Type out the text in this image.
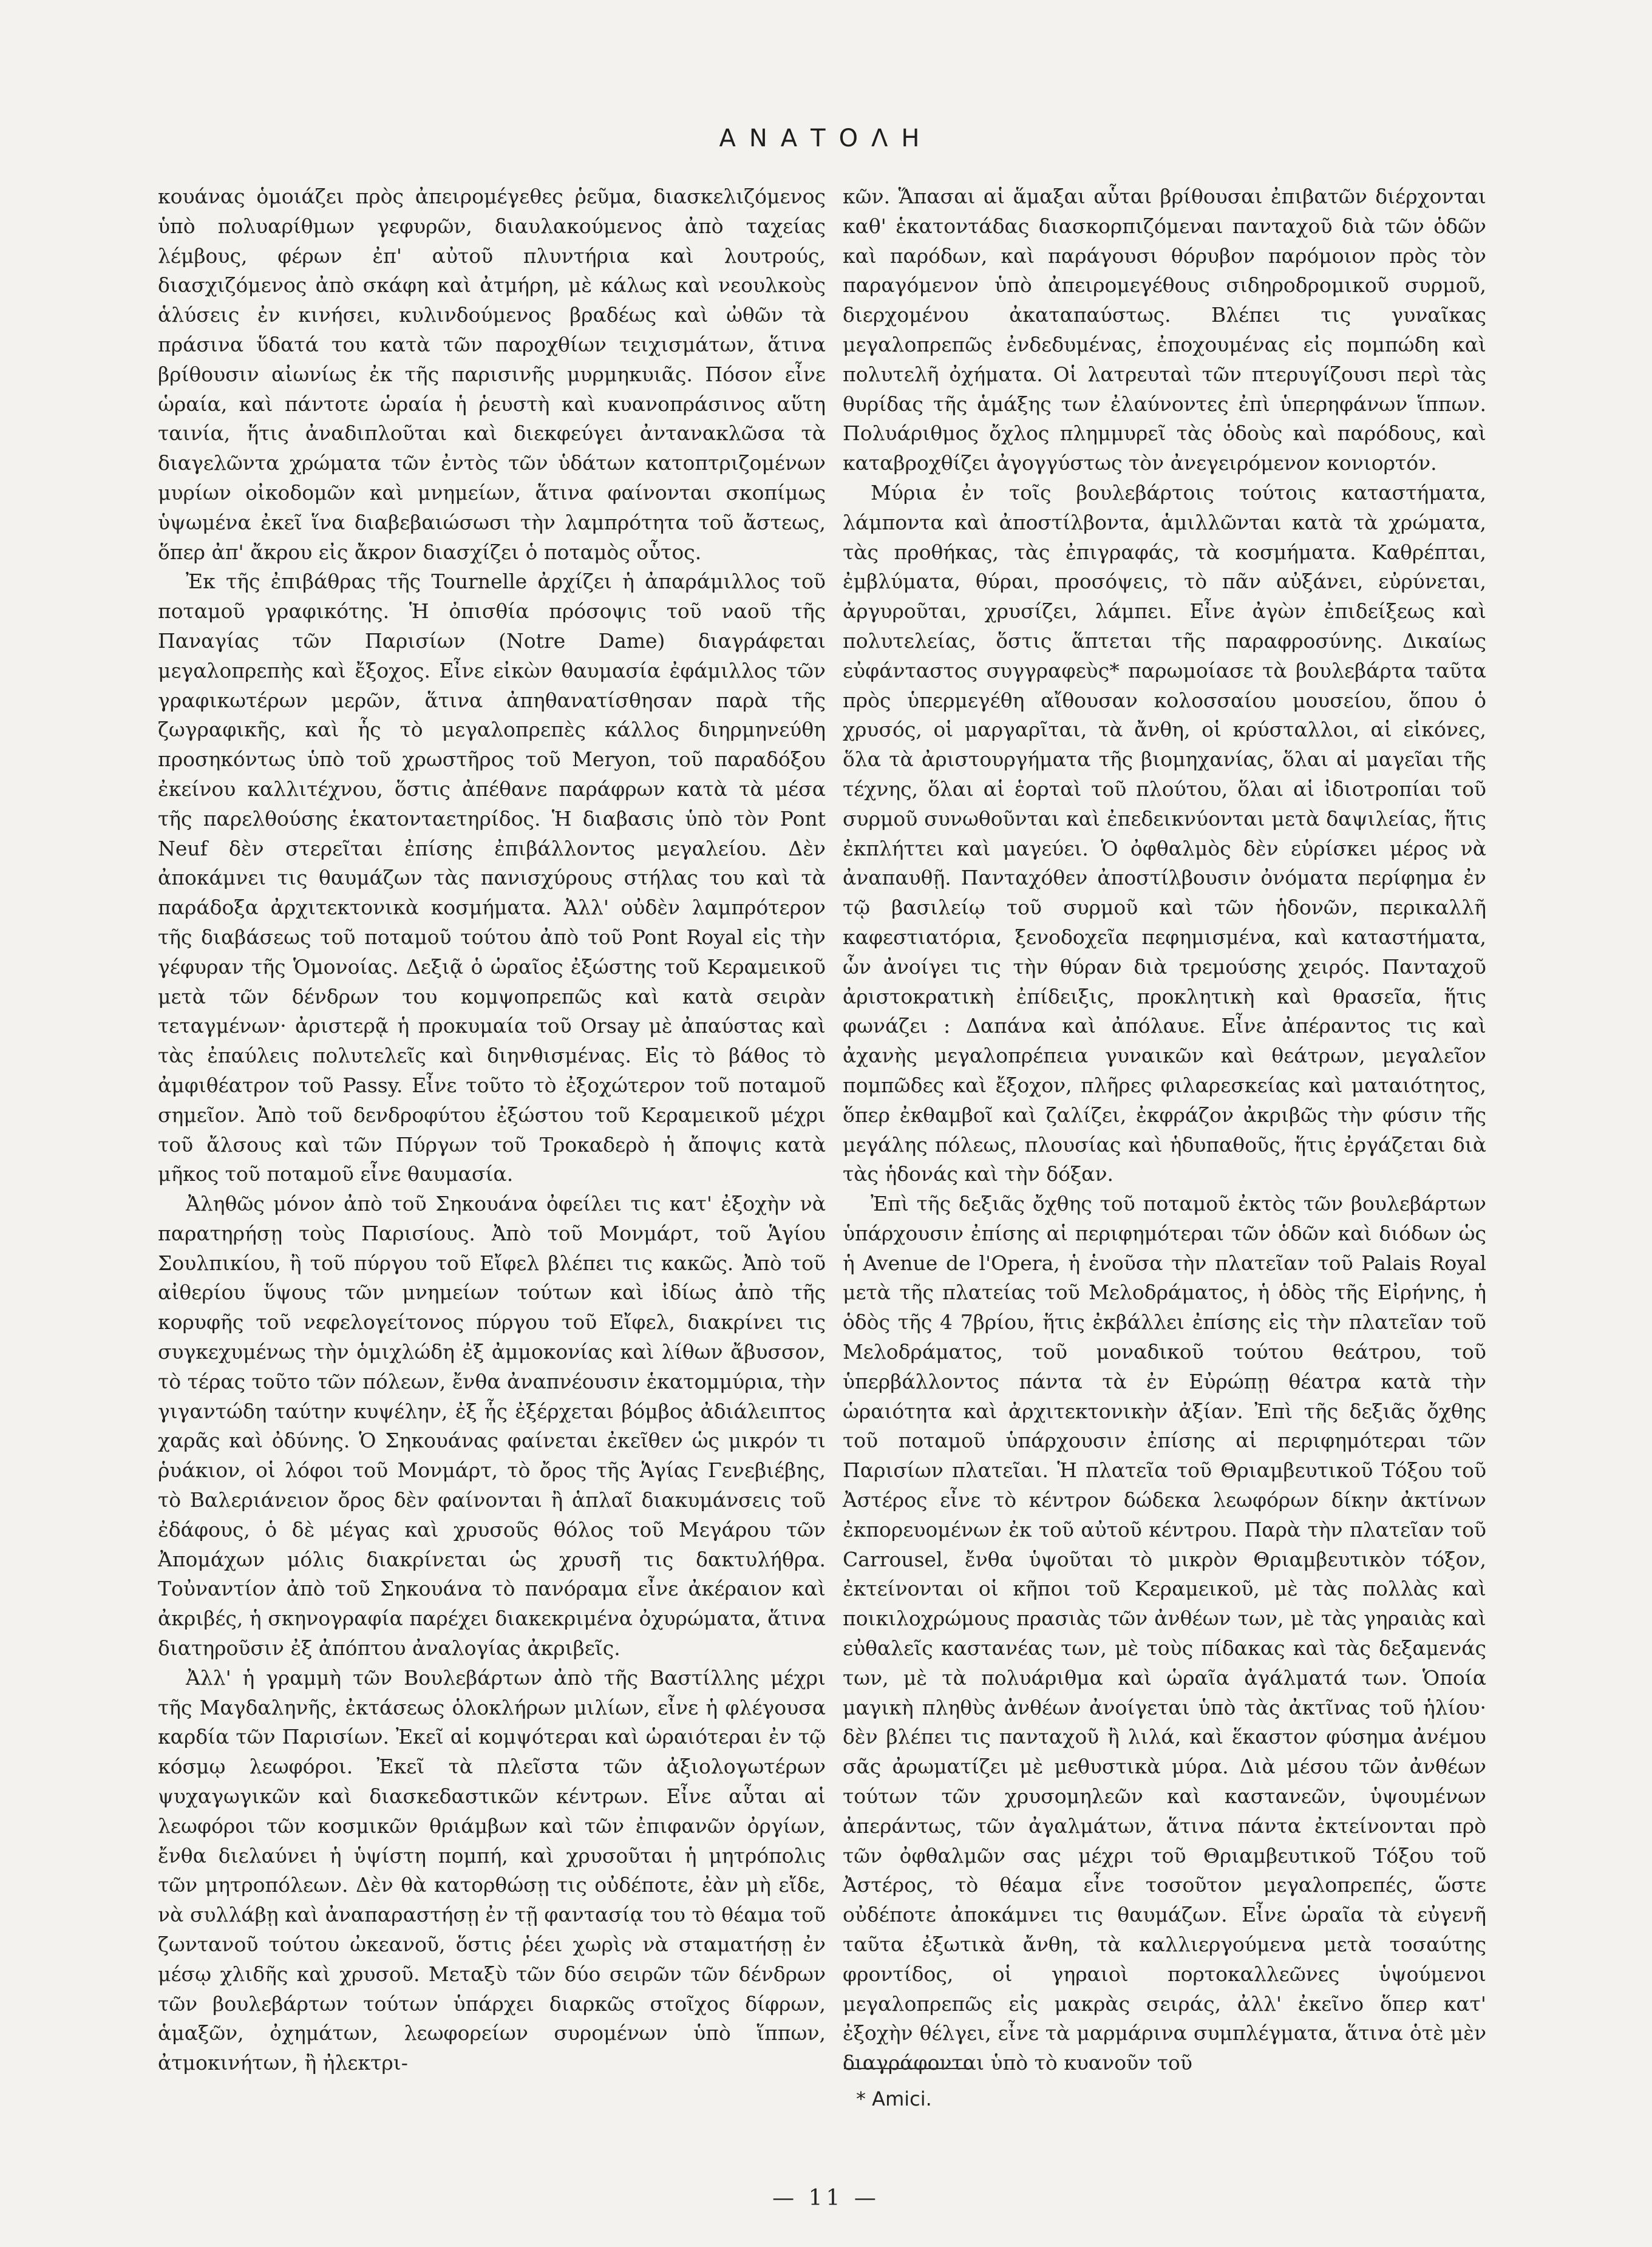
ΑΝΑΤΟΛΗ

κουάνας ὁμοιάζει πρὸς ἀπειρομέγεθες ῥεῦμα, διασκελιζόμενος ὑπὸ πολυαρίθμων γεφυρῶν, διαυλακούμενος ἀπὸ ταχείας λέμβους, φέρων ἐπ' αὐτοῦ πλυντήρια καὶ λουτρούς, διασχιζόμενος ἀπὸ σκάφη καὶ ἀτμήρη, μὲ κάλως καὶ νεουλκοὺς ἁλύσεις ἐν κινήσει, κυλινδούμενος βραδέως καὶ ὠθῶν τὰ πράσινα ὕδατά του κατὰ τῶν παροχθίων τειχισμάτων, ἅτινα βρίθουσιν αἰωνίως ἐκ τῆς παρισινῆς μυρμηκυιᾶς. Πόσον εἶνε ὡραία, καὶ πάντοτε ὡραία ἡ ῥευστὴ καὶ κυανοπράσινος αὕτη ταινία, ἥτις ἀναδιπλοῦται καὶ διεκφεύγει ἀντανακλῶσα τὰ διαγελῶντα χρώματα τῶν ἐντὸς τῶν ὑδάτων κατοπτριζομένων μυρίων οἰκοδομῶν καὶ μνημείων, ἅτινα φαίνονται σκοπίμως ὑψωμένα ἐκεῖ ἵνα διαβεβαιώσωσι τὴν λαμπρότητα τοῦ ἄστεως, ὅπερ ἀπ' ἄκρου εἰς ἄκρον διασχίζει ὁ ποταμὸς οὗτος.

Ἐκ τῆς ἐπιβάθρας τῆς Tournelle ἀρχίζει ἡ ἀπαράμιλλος τοῦ ποταμοῦ γραφικότης. Ἡ ὀπισθία πρόσοψις τοῦ ναοῦ τῆς Παναγίας τῶν Παρισίων (Notre Dame) διαγράφεται μεγαλοπρεπὴς καὶ ἔξοχος. Εἶνε εἰκὼν θαυμασία ἐφάμιλλος τῶν γραφικωτέρων μερῶν, ἅτινα ἀπηθανατίσθησαν παρὰ τῆς ζωγραφικῆς, καὶ ἧς τὸ μεγαλοπρεπὲς κάλλος διηρμηνεύθη προσηκόντως ὑπὸ τοῦ χρωστῆρος τοῦ Meryon, τοῦ παραδόξου ἐκείνου καλλιτέχνου, ὅστις ἀπέθανε παράφρων κατὰ τὰ μέσα τῆς παρελθούσης ἑκατονταετηρίδος. Ἡ διαβασις ὑπὸ τὸν Pont Neuf δὲν στερεῖται ἐπίσης ἐπιβάλλοντος μεγαλείου. Δὲν ἀποκάμνει τις θαυμάζων τὰς πανισχύρους στήλας του καὶ τὰ παράδοξα ἀρχιτεκτονικὰ κοσμήματα. Ἀλλ' οὐδὲν λαμπρότερον τῆς διαβάσεως τοῦ ποταμοῦ τούτου ἀπὸ τοῦ Pont Royal εἰς τὴν γέφυραν τῆς Ὁμονοίας. Δεξιᾷ ὁ ὡραῖος ἐξώστης τοῦ Κεραμεικοῦ μετὰ τῶν δένδρων του κομψοπρεπῶς καὶ κατὰ σειρὰν τεταγμένων· ἀριστερᾷ ἡ προκυμαία τοῦ Orsay μὲ ἀπαύστας καὶ τὰς ἐπαύλεις πολυτελεῖς καὶ διηνθισμένας. Εἰς τὸ βάθος τὸ ἀμφιθέατρον τοῦ Passy. Εἶνε τοῦτο τὸ ἐξοχώτερον τοῦ ποταμοῦ σημεῖον. Ἀπὸ τοῦ δενδροφύτου ἐξώστου τοῦ Κεραμεικοῦ μέχρι τοῦ ἄλσους καὶ τῶν Πύργων τοῦ Τροκαδερὸ ἡ ἄποψις κατὰ μῆκος τοῦ ποταμοῦ εἶνε θαυμασία.

Ἀληθῶς μόνον ἀπὸ τοῦ Σηκουάνα ὀφείλει τις κατ' ἐξοχὴν νὰ παρατηρήσῃ τοὺς Παρισίους. Ἀπὸ τοῦ Μονμάρτ, τοῦ Ἁγίου Σουλπικίου, ἢ τοῦ πύργου τοῦ Εἴφελ βλέπει τις κακῶς. Ἀπὸ τοῦ αἰθερίου ὕψους τῶν μνημείων τούτων καὶ ἰδίως ἀπὸ τῆς κορυφῆς τοῦ νεφελογείτονος πύργου τοῦ Εἴφελ, διακρίνει τις συγκεχυμένως τὴν ὁμιχλώδη ἐξ ἀμμοκονίας καὶ λίθων ἄβυσσον, τὸ τέρας τοῦτο τῶν πόλεων, ἔνθα ἀναπνέουσιν ἑκατομμύρια, τὴν γιγαντώδη ταύτην κυψέλην, ἐξ ἧς ἐξέρχεται βόμβος ἀδιάλειπτος χαρᾶς καὶ ὀδύνης. Ὁ Σηκουάνας φαίνεται ἐκεῖθεν ὡς μικρόν τι ῥυάκιον, οἱ λόφοι τοῦ Μονμάρτ, τὸ ὄρος τῆς Ἁγίας Γενεβιέβης, τὸ Βαλεριάνειον ὄρος δὲν φαίνονται ἢ ἁπλαῖ διακυμάνσεις τοῦ ἐδάφους, ὁ δὲ μέγας καὶ χρυσοῦς θόλος τοῦ Μεγάρου τῶν Ἀπομάχων μόλις διακρίνεται ὡς χρυσῆ τις δακτυλήθρα. Τοὐναντίον ἀπὸ τοῦ Σηκουάνα τὸ πανόραμα εἶνε ἀκέραιον καὶ ἀκριβές, ἡ σκηνογραφία παρέχει διακεκριμένα ὀχυρώματα, ἅτινα διατηροῦσιν ἐξ ἀπόπτου ἀναλογίας ἀκριβεῖς.

Ἀλλ' ἡ γραμμὴ τῶν Βουλεβάρτων ἀπὸ τῆς Βαστίλλης μέχρι τῆς Μαγδαληνῆς, ἐκτάσεως ὁλοκλήρων μιλίων, εἶνε ἡ φλέγουσα καρδία τῶν Παρισίων. Ἐκεῖ αἱ κομψότεραι καὶ ὡραιότεραι ἐν τῷ κόσμῳ λεωφόροι. Ἐκεῖ τὰ πλεῖστα τῶν ἀξιολογωτέρων ψυχαγωγικῶν καὶ διασκεδαστικῶν κέντρων. Εἶνε αὗται αἱ λεωφόροι τῶν κοσμικῶν θριάμβων καὶ τῶν ἐπιφανῶν ὀργίων, ἔνθα διελαύνει ἡ ὑψίστη πομπή, καὶ χρυσοῦται ἡ μητρόπολις τῶν μητροπόλεων. Δὲν θὰ κατορθώσῃ τις οὐδέποτε, ἐὰν μὴ εἴδε, νὰ συλλάβῃ καὶ ἀναπαραστήσῃ ἐν τῇ φαντασίᾳ του τὸ θέαμα τοῦ ζωντανοῦ τούτου ὠκεανοῦ, ὅστις ῥέει χωρὶς νὰ σταματήσῃ ἐν μέσῳ χλιδῆς καὶ χρυσοῦ. Μεταξὺ τῶν δύο σειρῶν τῶν δένδρων τῶν βουλεβάρτων τούτων ὑπάρχει διαρκῶς στοῖχος δίφρων, ἁμαξῶν, ὀχημάτων, λεωφορείων συρομένων ὑπὸ ἵππων, ἀτμοκινήτων, ἢ ἠλεκτρι-

κῶν. Ἅπασαι αἱ ἅμαξαι αὗται βρίθουσαι ἐπιβατῶν διέρχονται καθ' ἑκατοντάδας διασκορπιζόμεναι πανταχοῦ διὰ τῶν ὁδῶν καὶ παρόδων, καὶ παράγουσι θόρυβον παρόμοιον πρὸς τὸν παραγόμενον ὑπὸ ἀπειρομεγέθους σιδηροδρομικοῦ συρμοῦ, διερχομένου ἀκαταπαύστως. Βλέπει τις γυναῖκας μεγαλοπρεπῶς ἐνδεδυμένας, ἐποχουμένας εἰς πομπώδη καὶ πολυτελῆ ὀχήματα. Οἱ λατρευταὶ τῶν πτερυγίζουσι περὶ τὰς θυρίδας τῆς ἁμάξης των ἐλαύνοντες ἐπὶ ὑπερηφάνων ἵππων. Πολυάριθμος ὄχλος πλημμυρεῖ τὰς ὁδοὺς καὶ παρόδους, καὶ καταβροχθίζει ἀγογγύστως τὸν ἀνεγειρόμενον κονιορτόν.

Μύρια ἐν τοῖς βουλεβάρτοις τούτοις καταστήματα, λάμποντα καὶ ἀποστίλβοντα, ἁμιλλῶνται κατὰ τὰ χρώματα, τὰς προθήκας, τὰς ἐπιγραφάς, τὰ κοσμήματα. Καθρέπται, ἐμβλύματα, θύραι, προσόψεις, τὸ πᾶν αὐξάνει, εὐρύνεται, ἀργυροῦται, χρυσίζει, λάμπει. Εἶνε ἀγὼν ἐπιδείξεως καὶ πολυτελείας, ὅστις ἅπτεται τῆς παραφροσύνης. Δικαίως εὐφάνταστος συγγραφεὺς* παρωμοίασε τὰ βουλεβάρτα ταῦτα πρὸς ὑπερμεγέθη αἴθουσαν κολοσσαίου μουσείου, ὅπου ὁ χρυσός, οἱ μαργαρῖται, τὰ ἄνθη, οἱ κρύσταλλοι, αἱ εἰκόνες, ὅλα τὰ ἀριστουργήματα τῆς βιομηχανίας, ὅλαι αἱ μαγεῖαι τῆς τέχνης, ὅλαι αἱ ἑορταὶ τοῦ πλούτου, ὅλαι αἱ ἰδιοτροπίαι τοῦ συρμοῦ συνωθοῦνται καὶ ἐπεδεικνύονται μετὰ δαψιλείας, ἥτις ἐκπλήττει καὶ μαγεύει. Ὁ ὀφθαλμὸς δὲν εὑρίσκει μέρος νὰ ἀναπαυθῇ. Πανταχόθεν ἀποστίλβουσιν ὀνόματα περίφημα ἐν τῷ βασιλείῳ τοῦ συρμοῦ καὶ τῶν ἡδονῶν, περικαλλῆ καφεστιατόρια, ξενοδοχεῖα πεφημισμένα, καὶ καταστήματα, ὧν ἀνοίγει τις τὴν θύραν διὰ τρεμούσης χειρός. Πανταχοῦ ἀριστοκρατικὴ ἐπίδειξις, προκλητικὴ καὶ θρασεῖα, ἥτις φωνάζει : Δαπάνα καὶ ἀπόλαυε. Εἶνε ἀπέραντος τις καὶ ἀχανὴς μεγαλοπρέπεια γυναικῶν καὶ θεάτρων, μεγαλεῖον πομπῶδες καὶ ἔξοχον, πλῆρες φιλαρεσκείας καὶ ματαιότητος, ὅπερ ἐκθαμβοῖ καὶ ζαλίζει, ἐκφράζον ἀκριβῶς τὴν φύσιν τῆς μεγάλης πόλεως, πλουσίας καὶ ἡδυπαθοῦς, ἥτις ἐργάζεται διὰ τὰς ἡδονάς καὶ τὴν δόξαν.

Ἐπὶ τῆς δεξιᾶς ὄχθης τοῦ ποταμοῦ ἐκτὸς τῶν βουλεβάρτων ὑπάρχουσιν ἐπίσης αἱ περιφημότεραι τῶν ὁδῶν καὶ διόδων ὡς ἡ Avenue de l'Opera, ἡ ἑνοῦσα τὴν πλατεῖαν τοῦ Palais Royal μετὰ τῆς πλατείας τοῦ Μελοδράματος, ἡ ὁδὸς τῆς Εἰρήνης, ἡ ὁδὸς τῆς 4 7βρίου, ἥτις ἐκβάλλει ἐπίσης εἰς τὴν πλατεῖαν τοῦ Μελοδράματος, τοῦ μοναδικοῦ τούτου θεάτρου, τοῦ ὑπερβάλλοντος πάντα τὰ ἐν Εὐρώπῃ θέατρα κατὰ τὴν ὡραιότητα καὶ ἀρχιτεκτονικὴν ἀξίαν. Ἐπὶ τῆς δεξιᾶς ὄχθης τοῦ ποταμοῦ ὑπάρχουσιν ἐπίσης αἱ περιφημότεραι τῶν Παρισίων πλατεῖαι. Ἡ πλατεῖα τοῦ Θριαμβευτικοῦ Τόξου τοῦ Ἀστέρος εἶνε τὸ κέντρον δώδεκα λεωφόρων δίκην ἀκτίνων ἐκπορευομένων ἐκ τοῦ αὐτοῦ κέντρου. Παρὰ τὴν πλατεῖαν τοῦ Carrousel, ἔνθα ὑψοῦται τὸ μικρὸν Θριαμβευτικὸν τόξον, ἐκτείνονται οἱ κῆποι τοῦ Κεραμεικοῦ, μὲ τὰς πολλὰς καὶ ποικιλοχρώμους πρασιὰς τῶν ἀνθέων των, μὲ τὰς γηραιὰς καὶ εὐθαλεῖς καστανέας των, μὲ τοὺς πίδακας καὶ τὰς δεξαμενάς των, μὲ τὰ πολυάριθμα καὶ ὡραῖα ἀγάλματά των. Ὁποία μαγικὴ πληθὺς ἀνθέων ἀνοίγεται ὑπὸ τὰς ἀκτῖνας τοῦ ἡλίου· δὲν βλέπει τις πανταχοῦ ἢ λιλά, καὶ ἕκαστον φύσημα ἀνέμου σᾶς ἀρωματίζει μὲ μεθυστικὰ μύρα. Διὰ μέσου τῶν ἀνθέων τούτων τῶν χρυσομηλεῶν καὶ καστανεῶν, ὑψουμένων ἀπεράντως, τῶν ἀγαλμάτων, ἅτινα πάντα ἐκτείνονται πρὸ τῶν ὀφθαλμῶν σας μέχρι τοῦ Θριαμβευτικοῦ Τόξου τοῦ Ἀστέρος, τὸ θέαμα εἶνε τοσοῦτον μεγαλοπρεπές, ὥστε οὐδέποτε ἀποκάμνει τις θαυμάζων. Εἶνε ὡραῖα τὰ εὐγενῆ ταῦτα ἐξωτικὰ ἄνθη, τὰ καλλιεργούμενα μετὰ τοσαύτης φροντίδος, οἱ γηραιοὶ πορτοκαλλεῶνες ὑψούμενοι μεγαλοπρεπῶς εἰς μακρὰς σειράς, ἀλλ' ἐκεῖνο ὅπερ κατ' ἐξοχὴν θέλγει, εἶνε τὰ μαρμάρινα συμπλέγματα, ἅτινα ὁτὲ μὲν διαγράφονται ὑπὸ τὸ κυανοῦν τοῦ

* Amici.
— 11 —
